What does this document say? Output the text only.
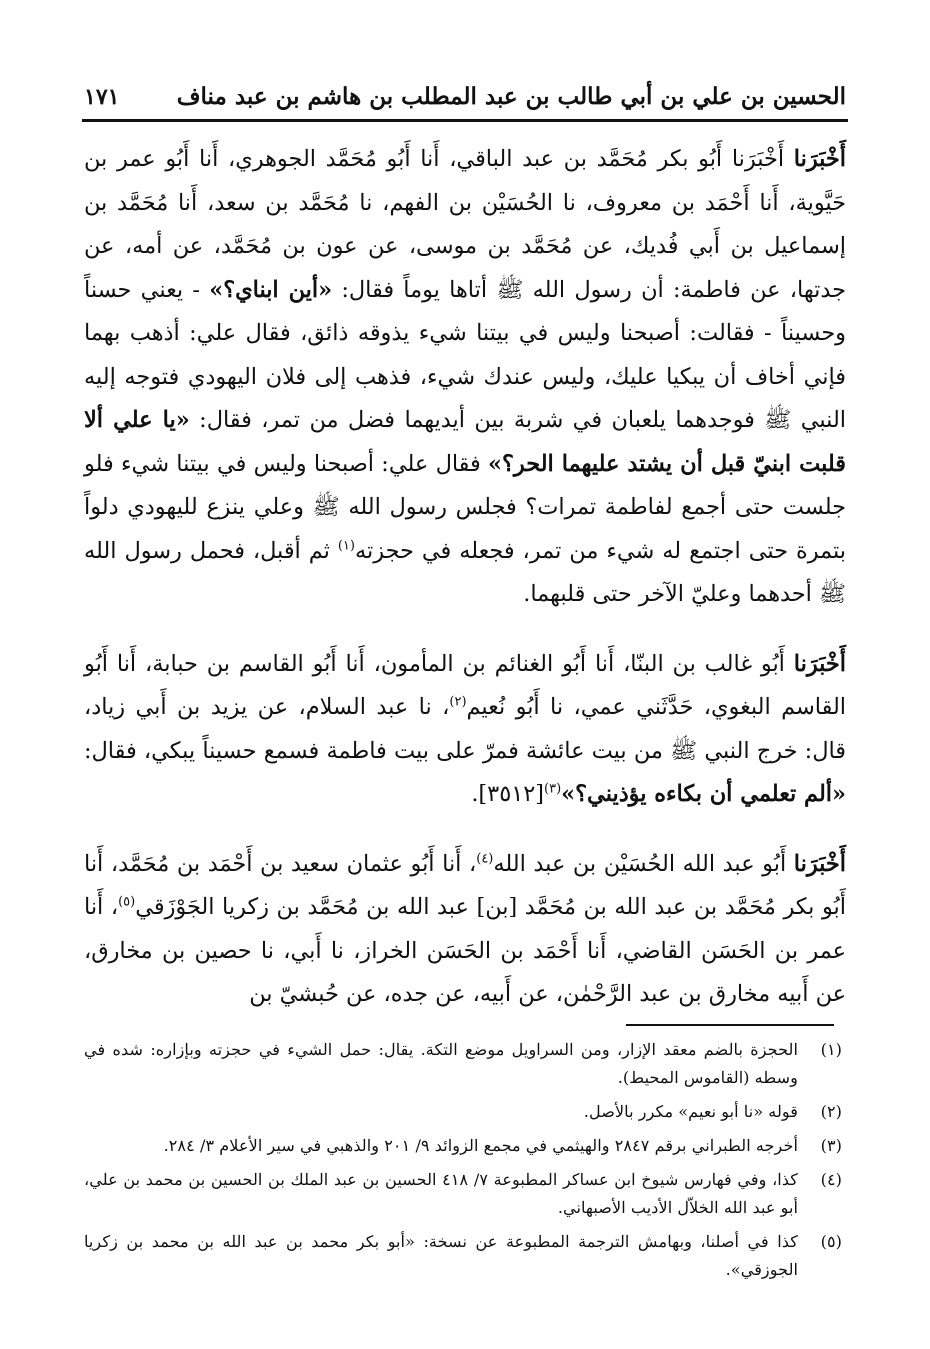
الحسين بن علي بن أبي طالب بن عبد المطلب بن هاشم بن عبد مناف
١٧١

أَخْبَرَنا أَخْبَرَنا أَبُو بكر مُحَمَّد بن عبد الباقي، أَنا أَبُو مُحَمَّد الجوهري، أَنا أَبُو عمر بن حَيَّوية، أَنا أَحْمَد بن معروف، نا الحُسَيْن بن الفهم، نا مُحَمَّد بن سعد، أَنا مُحَمَّد بن إسماعيل بن أَبي فُديك، عن مُحَمَّد بن موسى، عن عون بن مُحَمَّد، عن أمه، عن جدتها، عن فاطمة: أن رسول الله ﷺ أتاها يوماً فقال: «أين ابناي؟» - يعني حسناً وحسيناً - فقالت: أصبحنا وليس في بيتنا شيء يذوقه ذائق، فقال علي: أذهب بهما فإني أخاف أن يبكيا عليك، وليس عندك شيء، فذهب إلى فلان اليهودي فتوجه إليه النبي ﷺ فوجدهما يلعبان في شربة بين أيديهما فضل من تمر، فقال: «يا علي ألا قلبت ابنيّ قبل أن يشتد عليهما الحر؟» فقال علي: أصبحنا وليس في بيتنا شيء فلو جلست حتى أجمع لفاطمة تمرات؟ فجلس رسول الله ﷺ وعلي ينزع لليهودي دلواً بتمرة حتى اجتمع له شيء من تمر، فجعله في حجزته$^{(١)}$ ثم أقبل، فحمل رسول الله ﷺ أحدهما وعليّ الآخر حتى قلبهما.

أَخْبَرَنا أَبُو غالب بن البنّا، أَنا أَبُو الغنائم بن المأمون، أَنا أَبُو القاسم بن حبابة، أَنا أَبُو القاسم البغوي، حَدَّثَني عمي، نا أَبُو نُعيم$^{(٢)}$، نا عبد السلام، عن يزيد بن أَبي زياد، قال: خرج النبي ﷺ من بيت عائشة فمرّ على بيت فاطمة فسمع حسيناً يبكي، فقال: «ألم تعلمي أن بكاءه يؤذيني؟»$^{(٣)}$[٣٥١٢].

أَخْبَرَنا أَبُو عبد الله الحُسَيْن بن عبد الله$^{(٤)}$، أَنا أَبُو عثمان سعيد بن أَحْمَد بن مُحَمَّد، أَنا أَبُو بكر مُحَمَّد بن عبد الله بن مُحَمَّد [بن] عبد الله بن مُحَمَّد بن زكريا الجَوْزَقي$^{(٥)}$، أَنا عمر بن الحَسَن القاضي، أَنا أَحْمَد بن الحَسَن الخراز، نا أَبي، نا حصين بن مخارق، عن أَبيه مخارق بن عبد الرَّحْمٰن، عن أَبيه، عن جده، عن حُبشيّ بن

(١)
الحجزة بالضم معقد الإزار، ومن السراويل موضع التكة. يقال: حمل الشيء في حجزته وبإزاره: شده في وسطه (القاموس المحيط).
(٢)
قوله «نا أبو نعيم» مكرر بالأصل.
(٣)
أخرجه الطبراني برقم ٢٨٤٧ والهيثمي في مجمع الزوائد ٩/ ٢٠١ والذهبي في سير الأعلام ٣/ ٢٨٤.
(٤)
كذا، وفي فهارس شيوخ ابن عساكر المطبوعة ٧/ ٤١٨ الحسين بن عبد الملك بن الحسين بن محمد بن علي، أبو عبد الله الخلاّل الأديب الأصبهاني.
(٥)
كذا في أصلنا، وبهامش الترجمة المطبوعة عن نسخة: «أبو بكر محمد بن عبد الله بن محمد بن زكريا الجوزقي».
